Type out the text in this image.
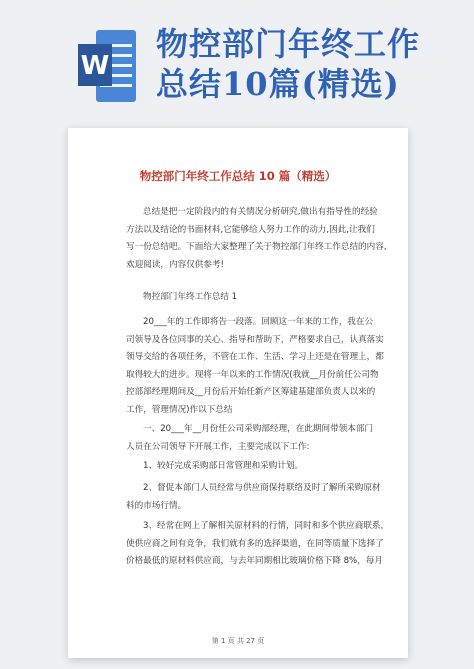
W
物控部门年终工作
总结10篇(精选)
物控部门年终工作总结 10 篇（精选）

总结是把一定阶段内的有关情况分析研究,做出有指导性的经验
方法以及结论的书面材料,它能够给人努力工作的动力,因此,让我们
写一份总结吧。下面给大家整理了关于物控部门年终工作总结的内容,
欢迎阅读，内容仅供参考!

物控部门年终工作总结 1

20___年的工作即将告一段落。回顾这一年来的工作，我在公
司领导及各位同事的关心、指导和帮助下，严格要求自己，认真落实
领导交给的各项任务，不管在工作、生活、学习上还是在管理上，都
取得较大的进步。现将一年以来的工作情况(我就__月份前任公司物
控部部经理期间及__月份后开始任新产区筹建基建部负责人以来的
工作，管理情况)作以下总结

一、20___年__月份任公司采购部经理，在此期间带领本部门
人员在公司领导下开展工作，主要完成以下工作:

1、较好完成采购部日常管理和采购计划。

2、督促本部门人员经常与供应商保持联络及时了解所采购原材
料的市场行情。

3、经常在网上了解相关原材料的行情，同时和多个供应商联系，
使供应商之间有竞争，我们就有多的选择渠道，在同等质量下选择了
价格最低的原材料供应商，与去年同期相比玻璃价格下降 8%，每月

第 1 页 共 27 页
